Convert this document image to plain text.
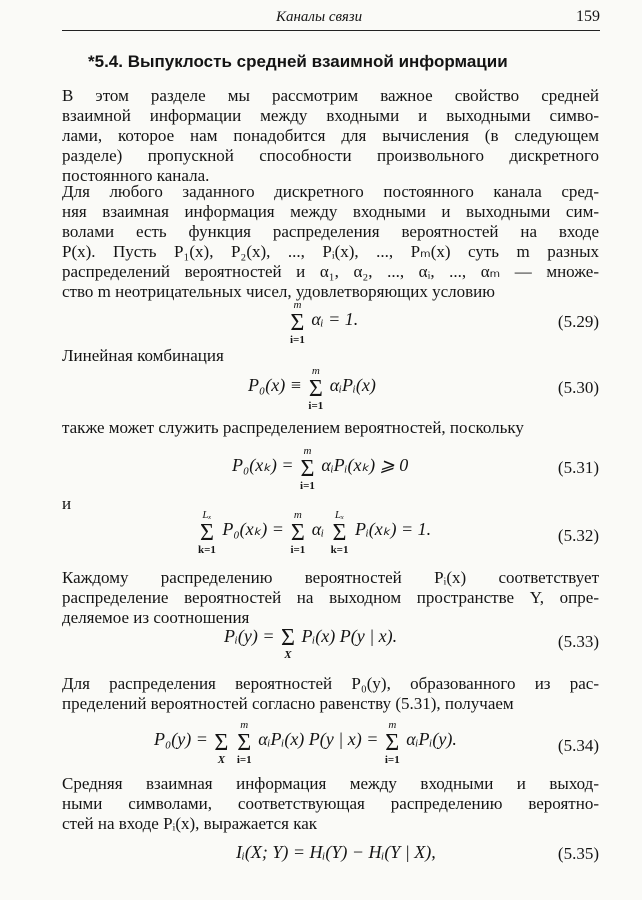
Каналы связи	159
*5.4. Выпуклость средней взаимной информации

В этом разделе мы рассмотрим важное свойство средней
взаимной информации между входными и выходными симво-
лами, которое нам понадобится для вычисления (в следующем
разделе) пропускной способности произвольного дискретного
постоянного канала.

Для любого заданного дискретного постоянного канала сред-
няя взаимная информация между входными и выходными сим-
волами есть функция распределения вероятностей на входе
P(x). Пусть P₁(x), P₂(x), ..., Pᵢ(x), ..., Pₘ(x) суть m разных
распределений вероятностей и α₁, α₂, ..., αᵢ, ..., αₘ — множе-
ство m неотрицательных чисел, удовлетворяющих условию

m
Σ
i=1
αᵢ = 1.	(5.29)
Линейная комбинация
P₀(x) ≡
m
Σ
i=1
αᵢPᵢ(x)	(5.30)
также может служить распределением вероятностей, поскольку
P₀(xₖ) =
m
Σ
i=1
αᵢPᵢ(xₖ) ⩾ 0	(5.31)
и
Lₓ
Σ
k=1
P₀(xₖ) =
m
Σ
i=1
αᵢ
Lₓ
Σ
k=1
Pᵢ(xₖ) = 1.	(5.32)

Каждому распределению вероятностей Pᵢ(x) соответствует
распределение вероятностей на выходном пространстве Y, опре-
деляемое из соотношения

Pᵢ(y) = Σ
X
Pᵢ(x) P(y | x).	(5.33)

Для распределения вероятностей P₀(y), образованного из рас-
пределений вероятностей согласно равенству (5.31), получаем

P₀(y) =
Σ
X

m
Σ
i=1
αᵢPᵢ(x) P(y | x) =
m
Σ
i=1
αᵢPᵢ(y).	(5.34)

Средняя взаимная информация между входными и выход-
ными символами, соответствующая распределению вероятно-
стей на входе Pᵢ(x), выражается как

Iᵢ(X; Y) = Hᵢ(Y) − Hᵢ(Y | X),	(5.35)
